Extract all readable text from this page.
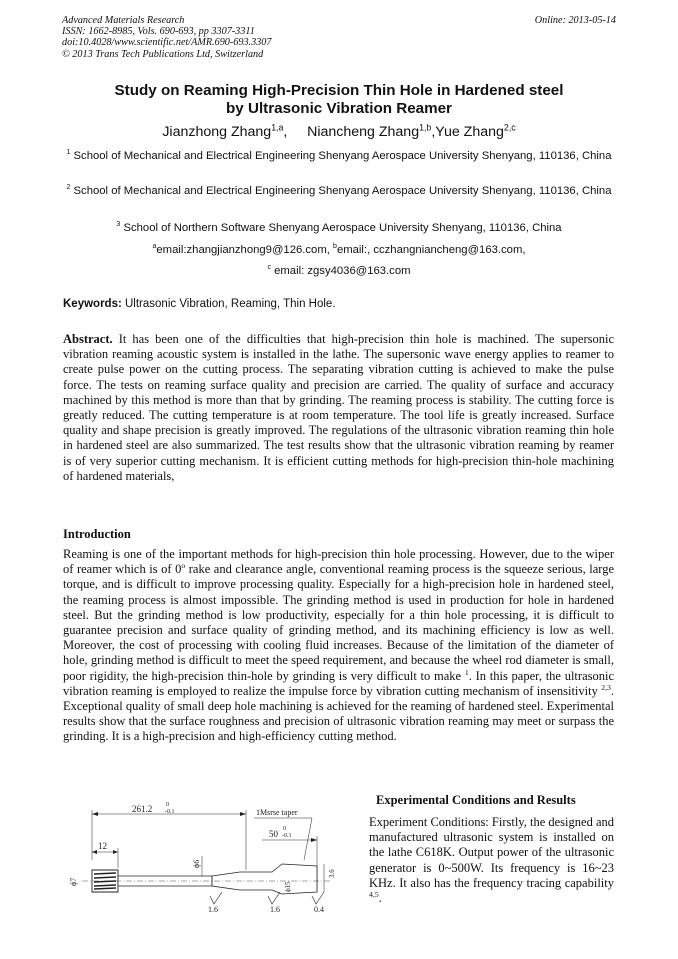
Advanced Materials Research
ISSN: 1662-8985, Vols. 690-693, pp 3307-3311
doi:10.4028/www.scientific.net/AMR.690-693.3307
© 2013 Trans Tech Publications Ltd, Switzerland
Online: 2013-05-14
Study on Reaming High-Precision Thin Hole in Hardened steel
by Ultrasonic Vibration Reamer
Jianzhong Zhang$^{1,a}$,     Niancheng Zhang$^{1,b}$,Yue Zhang$^{2,c}$
$^1$ School of Mechanical and Electrical Engineering Shenyang Aerospace University Shenyang, 110136, China
$^2$ School of Mechanical and Electrical Engineering Shenyang Aerospace University Shenyang, 110136, China
$^3$ School of Northern Software Shenyang Aerospace University Shenyang, 110136, China
$^a$email:zhangjianzhong9@126.com, $^b$email:, cczhangniancheng@163.com,
$^c$ email: zgsy4036@163.com
Keywords: Ultrasonic Vibration, Reaming, Thin Hole.
Abstract. It has been one of the difficulties that high-precision thin hole is machined. The supersonic vibration reaming acoustic system is installed in the lathe. The supersonic wave energy applies to reamer to create pulse power on the cutting process. The separating vibration cutting is achieved to make the pulse force. The tests on reaming surface quality and precision are carried. The quality of surface and accuracy machined by this method is more than that by grinding. The reaming process is stability. The cutting force is greatly reduced. The cutting temperature is at room temperature. The tool life is greatly increased. Surface quality and shape precision is greatly improved. The regulations of the ultrasonic vibration reaming thin hole in hardened steel are also summarized. The test results show that the ultrasonic vibration reaming by reamer is of very superior cutting mechanism. It is efficient cutting methods for high-precision thin-hole machining of hardened materials,
Introduction
Reaming is one of the important methods for high-precision thin hole processing. However, due to the wiper of reamer which is of 0$^o$ rake and clearance angle, conventional reaming process is the squeeze serious, large torque, and is difficult to improve processing quality. Especially for a high-precision hole in hardened steel, the reaming process is almost impossible. The grinding method is used in production for hole in hardened steel. But the grinding method is low productivity, especially for a thin hole processing, it is difficult to guarantee precision and surface quality of grinding method, and its machining efficiency is low as well. Moreover, the cost of processing with cooling fluid increases. Because of the limitation of the diameter of hole, grinding method is difficult to meet the speed requirement, and because the wheel rod diameter is small, poor rigidity, the high-precision thin-hole by grinding is very difficult to make $^1$. In this paper, the ultrasonic vibration reaming is employed to realize the impulse force by vibration cutting mechanism of insensitivity $^{2,3}$. Exceptional quality of small deep hole machining is achieved for the reaming of hardened steel. Experimental results show that the surface roughness and precision of ultrasonic vibration reaming may meet or surpass the grinding. It is a high-precision and high-efficiency cutting method.
Experimental Conditions and Results
Experiment Conditions: Firstly, the designed and manufactured ultrasonic system is installed on the lathe C618K. Output power of the ultrasonic generator is 0~500W. Its frequency is 16~23 KHz. It also has the frequency tracing capability $^{4,5}$.
261.2 0
-0.1	1Msrse taper
50 0
-0.1
12
ϕ7
ϕ6
ϕ15
3.6
1.6	1.6	0.4
